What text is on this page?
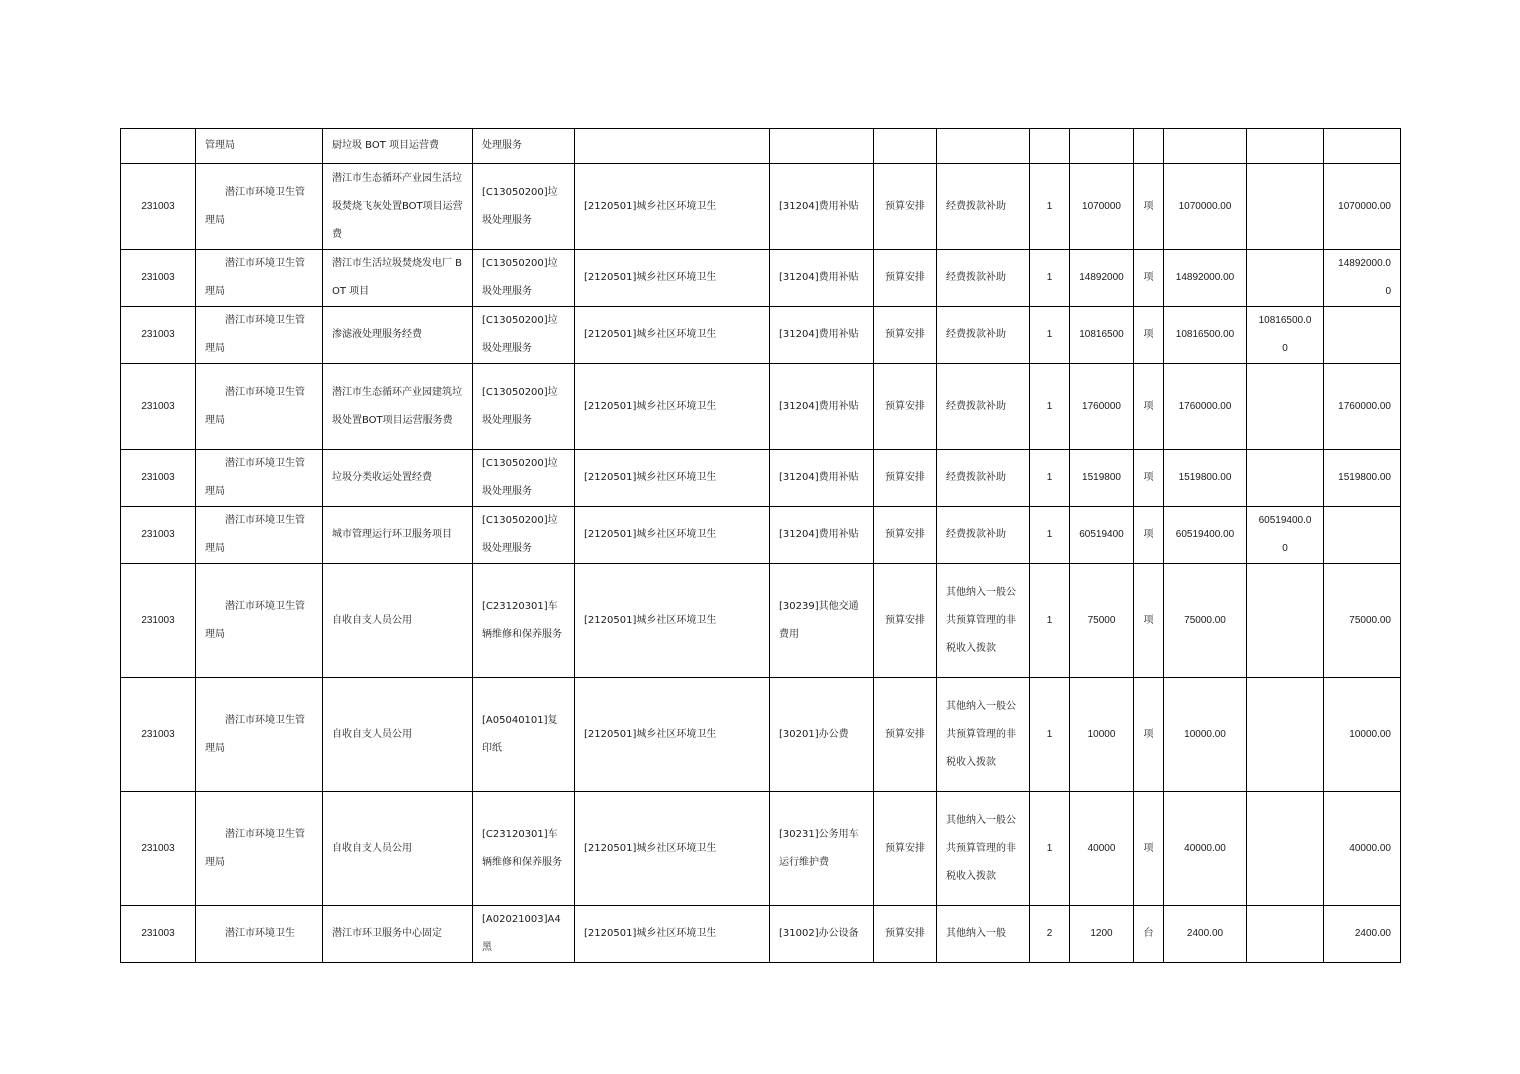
	管理局	厨垃圾 BOT 项目运营费	处理服务										
231003	潜江市环境卫生管理局	潜江市生态循环产业园生活垃圾焚烧飞灰处置BOT项目运营费	[C13050200]垃圾处理服务	[2120501]城乡社区环境卫生	[31204]费用补贴	预算安排	经费拨款补助	1	1070000	项	1070000.00		1070000.00
231003	潜江市环境卫生管理局	潜江市生活垃圾焚烧发电厂 BOT 项目	[C13050200]垃圾处理服务	[2120501]城乡社区环境卫生	[31204]费用补贴	预算安排	经费拨款补助	1	14892000	项	14892000.00		14892000.00
231003	潜江市环境卫生管理局	渗滤液处理服务经费	[C13050200]垃圾处理服务	[2120501]城乡社区环境卫生	[31204]费用补贴	预算安排	经费拨款补助	1	10816500	项	10816500.00	10816500.00	
231003	潜江市环境卫生管理局	潜江市生态循环产业园建筑垃圾处置BOT项目运营服务费	[C13050200]垃圾处理服务	[2120501]城乡社区环境卫生	[31204]费用补贴	预算安排	经费拨款补助	1	1760000	项	1760000.00		1760000.00
231003	潜江市环境卫生管理局	垃圾分类收运处置经费	[C13050200]垃圾处理服务	[2120501]城乡社区环境卫生	[31204]费用补贴	预算安排	经费拨款补助	1	1519800	项	1519800.00		1519800.00
231003	潜江市环境卫生管理局	城市管理运行环卫服务项目	[C13050200]垃圾处理服务	[2120501]城乡社区环境卫生	[31204]费用补贴	预算安排	经费拨款补助	1	60519400	项	60519400.00	60519400.00	
231003	潜江市环境卫生管理局	自收自支人员公用	[C23120301]车辆维修和保养服务	[2120501]城乡社区环境卫生	[30239]其他交通费用	预算安排	其他纳入一般公共预算管理的非税收入拨款	1	75000	项	75000.00		75000.00
231003	潜江市环境卫生管理局	自收自支人员公用	[A05040101]复印纸	[2120501]城乡社区环境卫生	[30201]办公费	预算安排	其他纳入一般公共预算管理的非税收入拨款	1	10000	项	10000.00		10000.00
231003	潜江市环境卫生管理局	自收自支人员公用	[C23120301]车辆维修和保养服务	[2120501]城乡社区环境卫生	[30231]公务用车运行维护费	预算安排	其他纳入一般公共预算管理的非税收入拨款	1	40000	项	40000.00		40000.00
231003	潜江市环境卫生	潜江市环卫服务中心固定	[A02021003]A4 黑	[2120501]城乡社区环境卫生	[31002]办公设备	预算安排	其他纳入一般	2	1200	台	2400.00		2400.00
